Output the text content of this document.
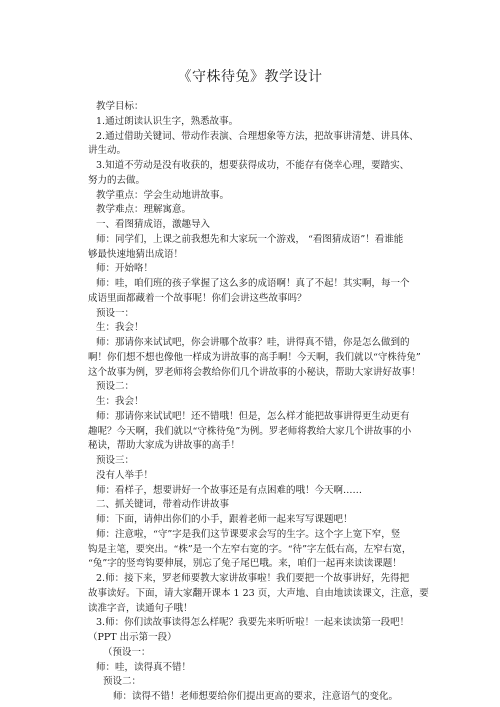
《守株待兔》教学设计
教学目标：
1.通过朗读认识生字，熟悉故事。
2.通过借助关键词、带动作表演、合理想象等方法，把故事讲清楚、讲具体、
讲生动。
3.知道不劳动是没有收获的，想要获得成功，不能存有侥幸心理，要踏实、
努力的去做。
教学重点：学会生动地讲故事。
教学难点：理解寓意。
一、看图猜成语，激趣导入
师：同学们，上课之前我想先和大家玩一个游戏， “看图猜成语”！看谁能
够最快速地猜出成语！
师：开始咯！
师：哇，咱们班的孩子掌握了这么多的成语啊！真了不起！其实啊，每一个
成语里面都藏着一个故事呢！你们会讲这些故事吗？
预设一：
生：我会！
师：那请你来试试吧，你会讲哪个故事？哇，讲得真不错，你是怎么做到的
啊！你们想不想也像他一样成为讲故事的高手啊！今天啊，我们就以“守株待兔”
这个故事为例，罗老师将会教给你们几个讲故事的小秘诀，帮助大家讲好故事！
预设二：
生：我会！
师：那请你来试试吧！还不错哦！但是，怎么样才能把故事讲得更生动更有
趣呢？今天啊，我们就以“守株待兔”为例。罗老师将教给大家几个讲故事的小
秘诀，帮助大家成为讲故事的高手！
预设三：
没有人举手！
师：看样子，想要讲好一个故事还是有点困难的哦！今天啊……
二、抓关键词，带着动作讲故事
师：下面，请伸出你们的小手，跟着老师一起来写写课题吧！
师：注意啦，“守”字是我们这节课要求会写的生字。这个字上宽下窄，竖
钩是主笔，要突出。“株”是一个左窄右宽的字。“待”字左低右高，左窄右宽，
“兔”字的竖弯钩要伸展，别忘了兔子尾巴哦。来，咱们一起再来读读课题！
2.师：接下来，罗老师要教大家讲故事啦！我们要把一个故事讲好，先得把
故事读好。下面，请大家翻开课本 1 23 页，大声地、自由地读读课文，注意，要
读准字音，读通句子哦！
3.师：你们读故事读得怎么样呢？我要先来听听啦！一起来读读第一段吧！
（PPT 出示第一段）
（预设一：
师：哇，读得真不错！
预设二：
师：读得不错！老师想要给你们提出更高的要求，注意语气的变化。
